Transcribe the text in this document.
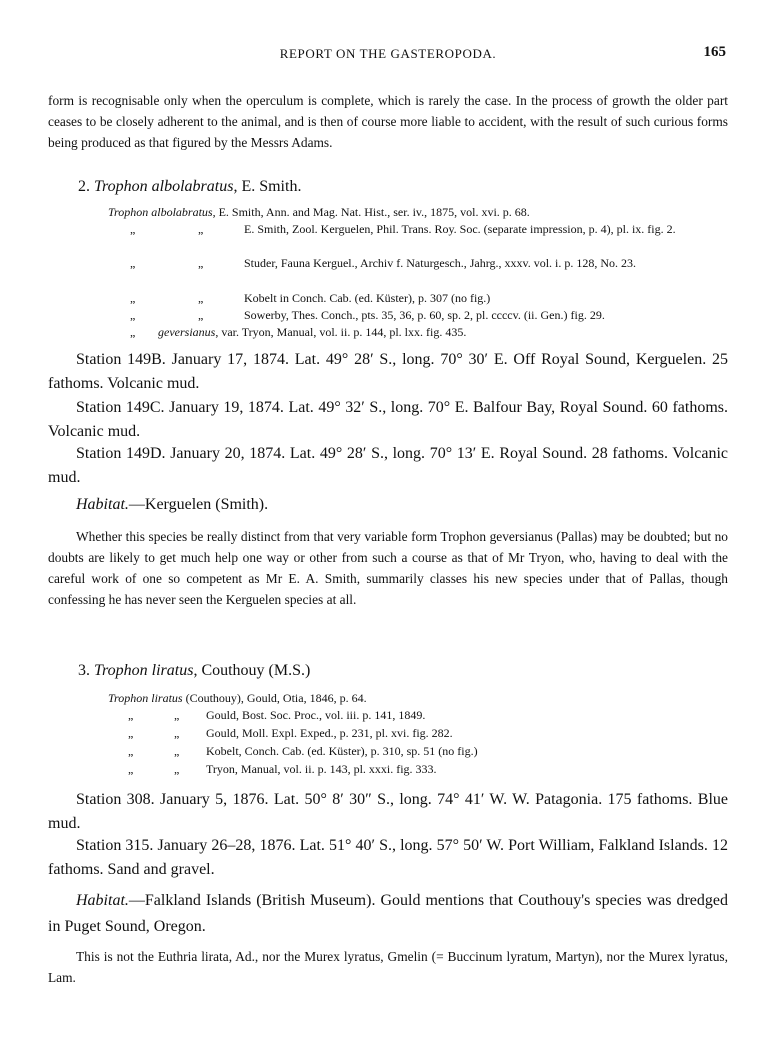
REPORT ON THE GASTEROPODA.	165
form is recognisable only when the operculum is complete, which is rarely the case. In the process of growth the older part ceases to be closely adherent to the animal, and is then of course more liable to accident, with the result of such curious forms being produced as that figured by the Messrs Adams.
2. Trophon albolabratus, E. Smith.
Trophon albolabratus, E. Smith, Ann. and Mag. Nat. Hist., ser. iv., 1875, vol. xvi. p. 68.
„	„	E. Smith, Zool. Kerguelen, Phil. Trans. Roy. Soc. (separate impression, p. 4), pl. ix. fig. 2.
„	„	Studer, Fauna Kerguel., Archiv f. Naturgesch., Jahrg., xxxv. vol. i. p. 128, No. 23.
„	„	Kobelt in Conch. Cab. (ed. Küster), p. 307 (no fig.)
„	„	Sowerby, Thes. Conch., pts. 35, 36, p. 60, sp. 2, pl. ccccv. (ii. Gen.) fig. 29.
„ geversianus, var. Tryon, Manual, vol. ii. p. 144, pl. lxx. fig. 435.
Station 149B. January 17, 1874. Lat. 49° 28′ S., long. 70° 30′ E. Off Royal Sound, Kerguelen. 25 fathoms. Volcanic mud.
Station 149C. January 19, 1874. Lat. 49° 32′ S., long. 70° E. Balfour Bay, Royal Sound. 60 fathoms. Volcanic mud.
Station 149D. January 20, 1874. Lat. 49° 28′ S., long. 70° 13′ E. Royal Sound. 28 fathoms. Volcanic mud.
Habitat.—Kerguelen (Smith).
Whether this species be really distinct from that very variable form Trophon geversianus (Pallas) may be doubted; but no doubts are likely to get much help one way or other from such a course as that of Mr Tryon, who, having to deal with the careful work of one so competent as Mr E. A. Smith, summarily classes his new species under that of Pallas, though confessing he has never seen the Kerguelen species at all.
3. Trophon liratus, Couthouy (M.S.)
Trophon liratus (Couthouy), Gould, Otia, 1846, p. 64.
„	„ Gould, Bost. Soc. Proc., vol. iii. p. 141, 1849.
„	„ Gould, Moll. Expl. Exped., p. 231, pl. xvi. fig. 282.
„	„ Kobelt, Conch. Cab. (ed. Küster), p. 310, sp. 51 (no fig.)
„	„ Tryon, Manual, vol. ii. p. 143, pl. xxxi. fig. 333.
Station 308. January 5, 1876. Lat. 50° 8′ 30″ S., long. 74° 41′ W. W. Patagonia. 175 fathoms. Blue mud.
Station 315. January 26–28, 1876. Lat. 51° 40′ S., long. 57° 50′ W. Port William, Falkland Islands. 12 fathoms. Sand and gravel.
Habitat.—Falkland Islands (British Museum). Gould mentions that Couthouy's species was dredged in Puget Sound, Oregon.
This is not the Euthria lirata, Ad., nor the Murex lyratus, Gmelin (= Buccinum lyratum, Martyn), nor the Murex lyratus, Lam.
